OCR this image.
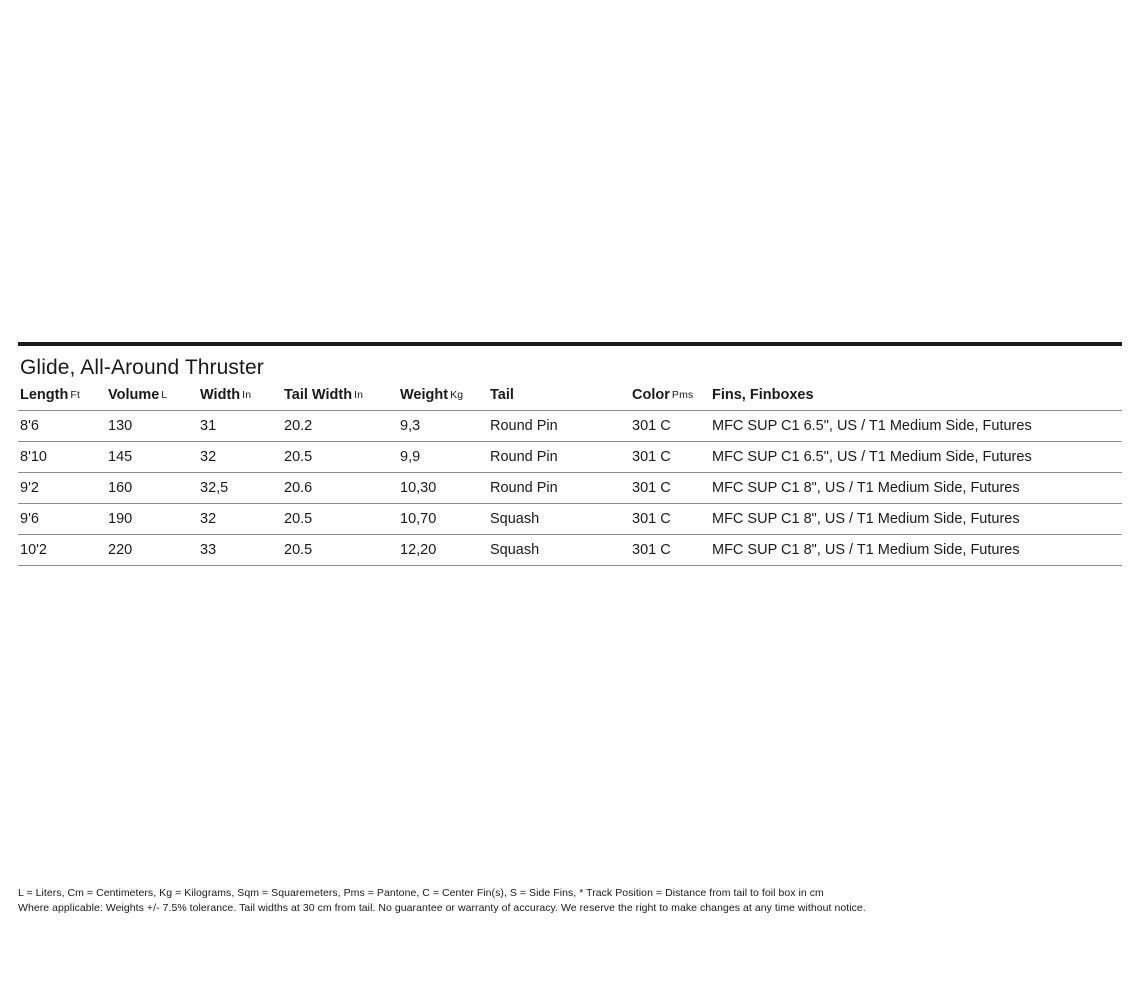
Glide, All-Around Thruster
Length Ft	Volume L	Width In	Tail Width In	Weight Kg	Tail	Color Pms	Fins, Finboxes
8'6	130	31	20.2	9,3	Round Pin	301 C	MFC SUP C1 6.5", US / T1 Medium Side, Futures
8'10	145	32	20.5	9,9	Round Pin	301 C	MFC SUP C1 6.5", US / T1 Medium Side, Futures
9'2	160	32,5	20.6	10,30	Round Pin	301 C	MFC SUP C1 8", US / T1 Medium Side, Futures
9'6	190	32	20.5	10,70	Squash	301 C	MFC SUP C1 8", US / T1 Medium Side, Futures
10'2	220	33	20.5	12,20	Squash	301 C	MFC SUP C1 8", US / T1 Medium Side, Futures
L = Liters, Cm = Centimeters, Kg = Kilograms, Sqm = Squaremeters, Pms = Pantone, C = Center Fin(s), S = Side Fins, * Track Position = Distance from tail to foil box in cm
Where applicable: Weights +/- 7.5% tolerance. Tail widths at 30 cm from tail. No guarantee or warranty of accuracy. We reserve the right to make changes at any time without notice.
